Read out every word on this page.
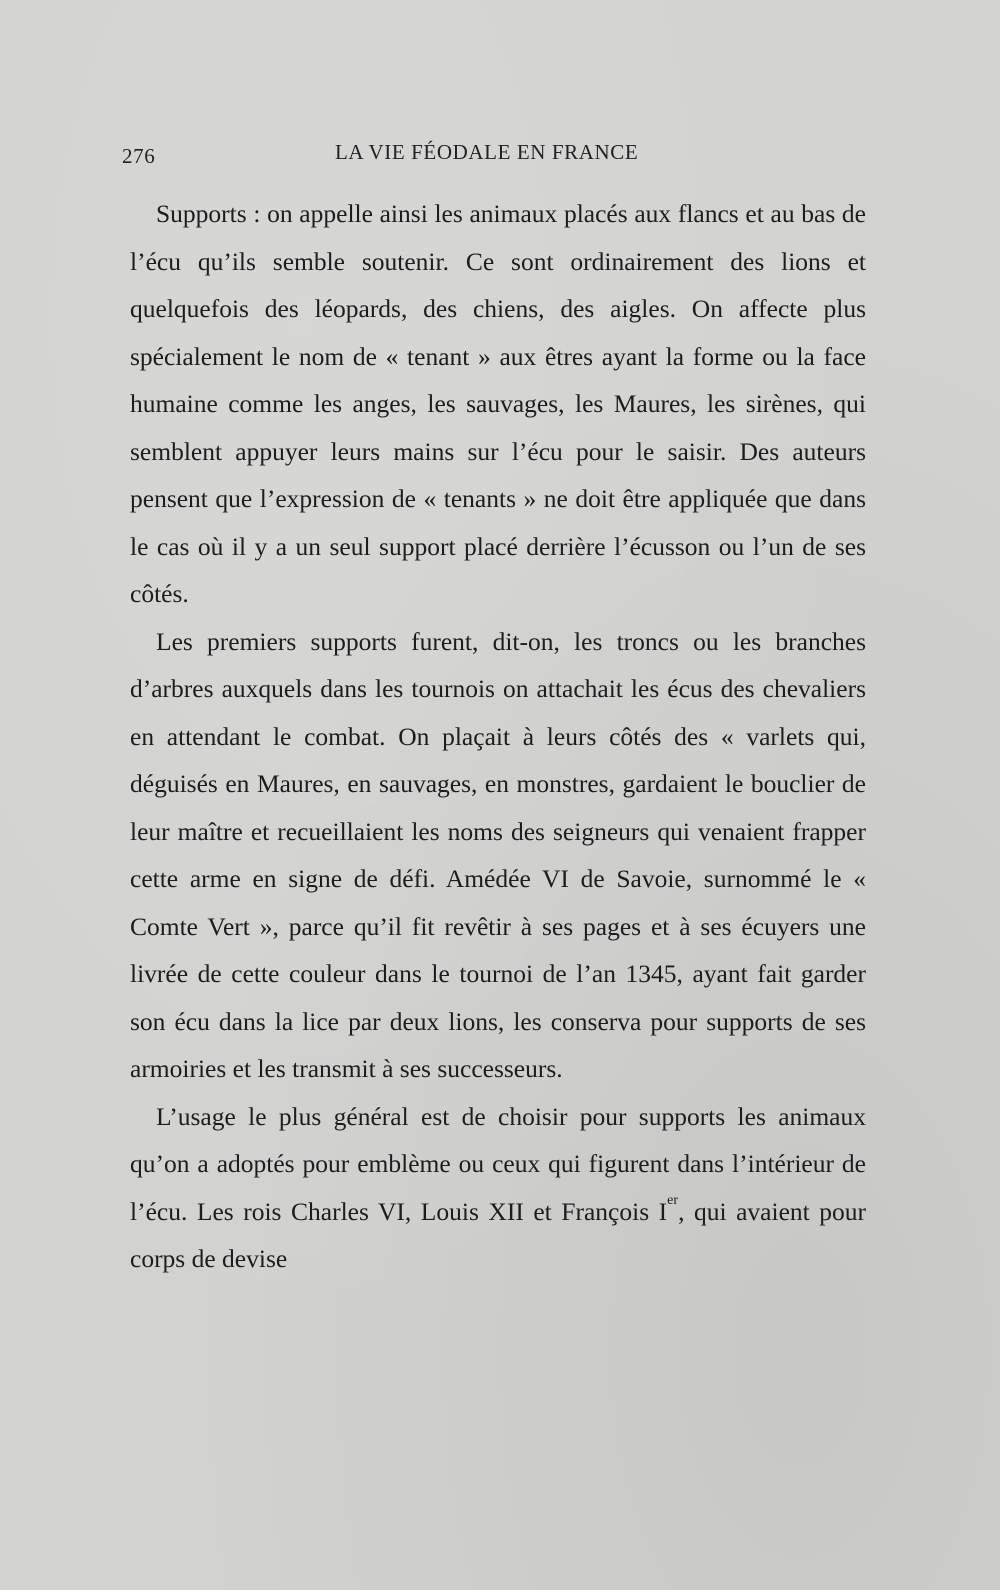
276	LA VIE FÉODALE EN FRANCE

Supports : on appelle ainsi les animaux placés aux flancs et au bas de l’écu qu’ils semble soutenir. Ce sont ordinairement des lions et quelquefois des léopards, des chiens, des aigles. On affecte plus spécialement le nom de « tenant » aux êtres ayant la forme ou la face humaine comme les anges, les sauvages, les Maures, les sirènes, qui semblent appuyer leurs mains sur l’écu pour le saisir. Des auteurs pensent que l’expression de « tenants » ne doit être appliquée que dans le cas où il y a un seul support placé derrière l’écusson ou l’un de ses côtés.

Les premiers supports furent, dit-on, les troncs ou les branches d’arbres auxquels dans les tournois on attachait les écus des chevaliers en attendant le combat. On plaçait à leurs côtés des « varlets qui, déguisés en Maures, en sauvages, en monstres, gardaient le bouclier de leur maître et recueillaient les noms des seigneurs qui venaient frapper cette arme en signe de défi. Amédée VI de Savoie, surnommé le « Comte Vert », parce qu’il fit revêtir à ses pages et à ses écuyers une livrée de cette couleur dans le tournoi de l’an 1345, ayant fait garder son écu dans la lice par deux lions, les conserva pour supports de ses armoiries et les transmit à ses successeurs.

L’usage le plus général est de choisir pour supports les animaux qu’on a adoptés pour emblème ou ceux qui figurent dans l’intérieur de l’écu. Les rois Charles VI, Louis XII et François Ier, qui avaient pour corps de devise
